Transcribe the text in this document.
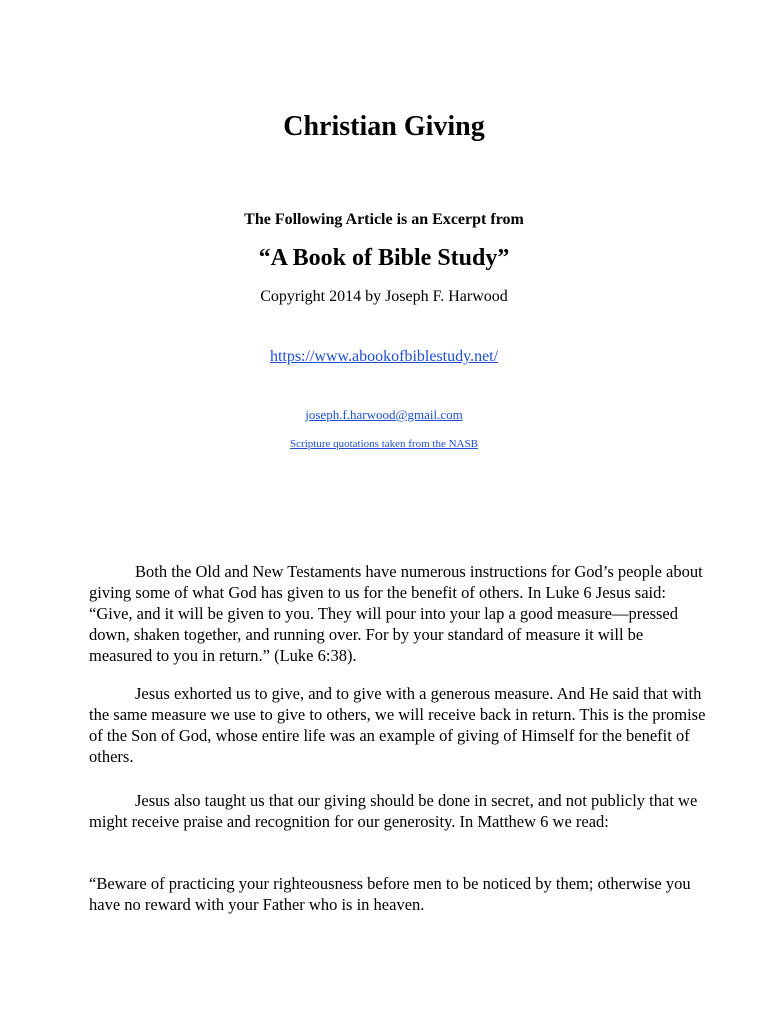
Christian Giving
The Following Article is an Excerpt from
“A Book of Bible Study”
Copyright 2014 by Joseph F. Harwood
https://www.abookofbiblestudy.net/
joseph.f.harwood@gmail.com
Scripture quotations taken from the NASB

Both the Old and New Testaments have numerous instructions for God’s people about giving some of what God has given to us for the benefit of others. In Luke 6 Jesus said: “Give, and it will be given to you. They will pour into your lap a good measure—pressed down, shaken together, and running over. For by your standard of measure it will be measured to you in return.” (Luke 6:38).

Jesus exhorted us to give, and to give with a generous measure. And He said that with the same measure we use to give to others, we will receive back in return. This is the promise of the Son of God, whose entire life was an example of giving of Himself for the benefit of others.

Jesus also taught us that our giving should be done in secret, and not publicly that we might receive praise and recognition for our generosity. In Matthew 6 we read:

“Beware of practicing your righteousness before men to be noticed by them; otherwise you have no reward with your Father who is in heaven.
